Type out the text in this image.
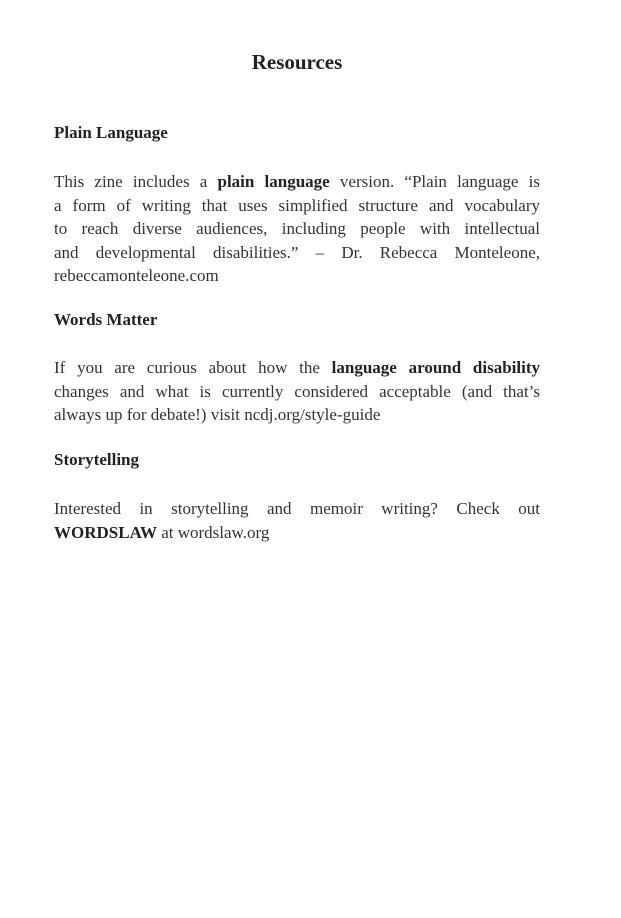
Resources
Plain Language
This zine includes a plain language version. “Plain language is
a form of writing that uses simplified structure and vocabulary
to reach diverse audiences, including people with intellectual
and developmental disabilities.” – Dr. Rebecca Monteleone,
rebeccamonteleone.com
Words Matter
If you are curious about how the language around disability
changes and what is currently considered acceptable (and that’s
always up for debate!) visit ncdj.org/style-guide
Storytelling
Interested in storytelling and memoir writing? Check out
WORDSLAW at wordslaw.org
